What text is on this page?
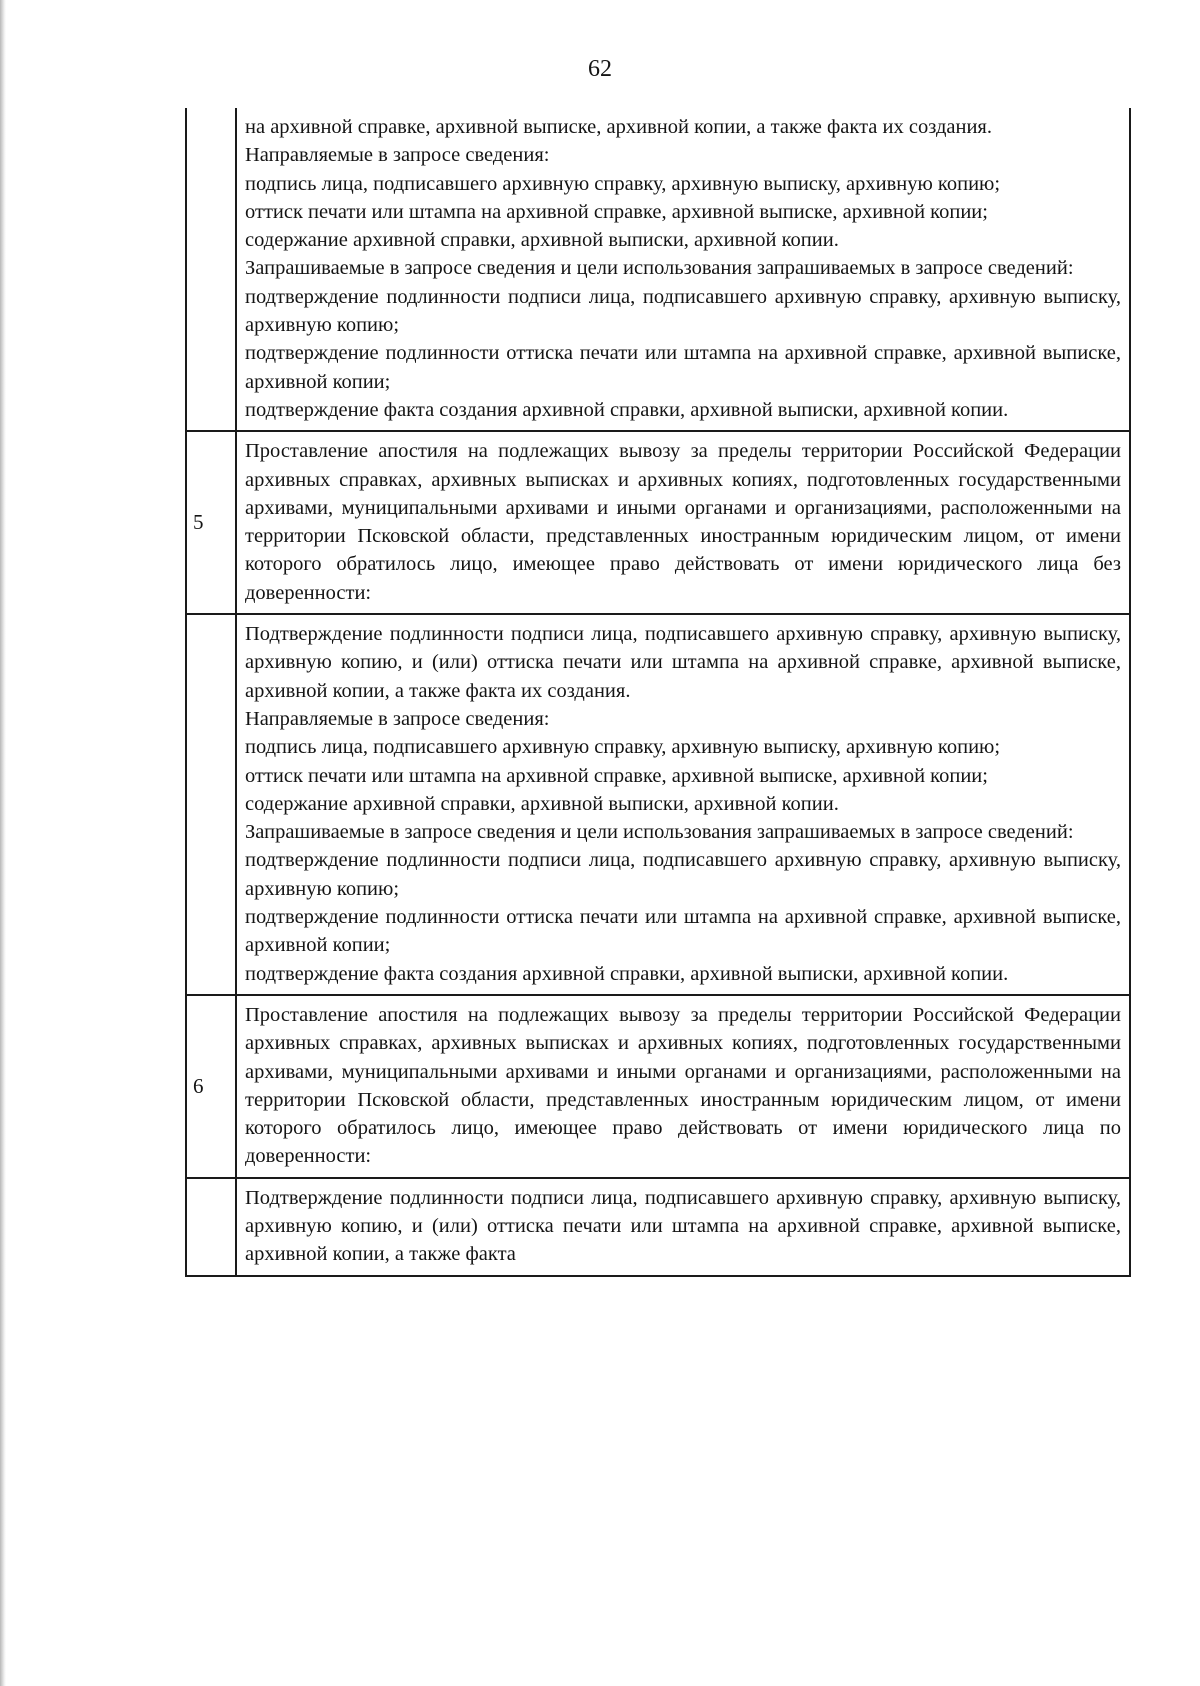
62

на архивной справке, архивной выписке, архивной копии, а также факта их создания.

Направляемые в запросе сведения:

подпись лица, подписавшего архивную справку, архивную выписку, архивную копию;

оттиск печати или штампа на архивной справке, архивной выписке, архивной копии;

содержание архивной справки, архивной выписки, архивной копии.

Запрашиваемые в запросе сведения и цели использования запрашиваемых в запросе сведений:

подтверждение подлинности подписи лица, подписавшего архивную справку, архивную выписку, архивную копию;

подтверждение подлинности оттиска печати или штампа на архивной справке, архивной выписке, архивной копии;

подтверждение факта создания архивной справки, архивной выписки, архивной копии.

5

Проставление апостиля на подлежащих вывозу за пределы территории Российской Федерации архивных справках, архивных выписках и архивных копиях, подготовленных государственными архивами, муниципальными архивами и иными органами и организациями, расположенными на территории Псковской области, представленных иностранным юридическим лицом, от имени которого обратилось лицо, имеющее право действовать от имени юридического лица без доверенности:

Подтверждение подлинности подписи лица, подписавшего архивную справку, архивную выписку, архивную копию, и (или) оттиска печати или штампа на архивной справке, архивной выписке, архивной копии, а также факта их создания.

Направляемые в запросе сведения:

подпись лица, подписавшего архивную справку, архивную выписку, архивную копию;

оттиск печати или штампа на архивной справке, архивной выписке, архивной копии;

содержание архивной справки, архивной выписки, архивной копии.

Запрашиваемые в запросе сведения и цели использования запрашиваемых в запросе сведений:

подтверждение подлинности подписи лица, подписавшего архивную справку, архивную выписку, архивную копию;

подтверждение подлинности оттиска печати или штампа на архивной справке, архивной выписке, архивной копии;

подтверждение факта создания архивной справки, архивной выписки, архивной копии.

6

Проставление апостиля на подлежащих вывозу за пределы территории Российской Федерации архивных справках, архивных выписках и архивных копиях, подготовленных государственными архивами, муниципальными архивами и иными органами и организациями, расположенными на территории Псковской области, представленных иностранным юридическим лицом, от имени которого обратилось лицо, имеющее право действовать от имени юридического лица по доверенности:

Подтверждение подлинности подписи лица, подписавшего архивную справку, архивную выписку, архивную копию, и (или) оттиска печати или штампа на архивной справке, архивной выписке, архивной копии, а также факта
